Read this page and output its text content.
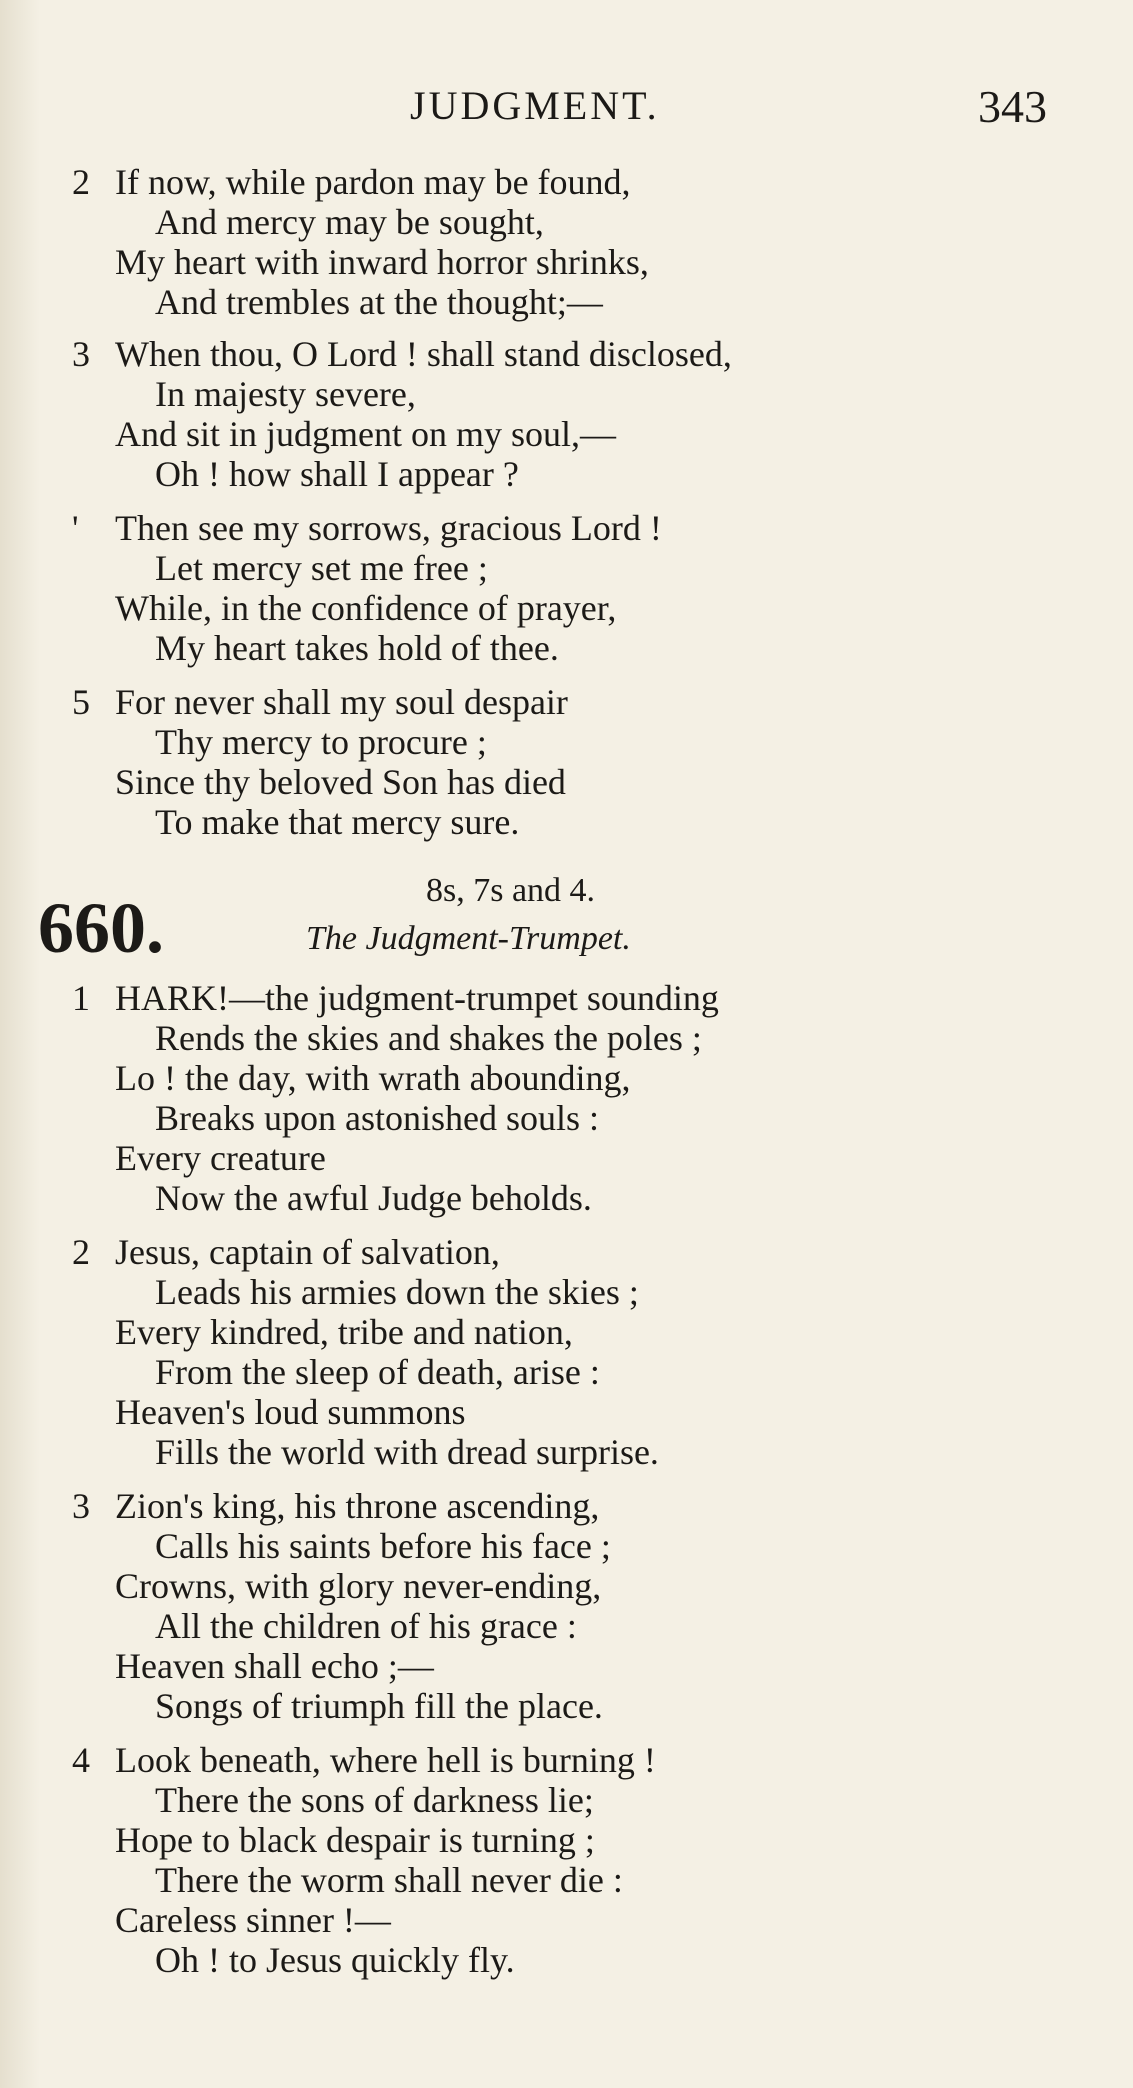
JUDGMENT.	343
2 If now, while pardon may be found,
And mercy may be sought,
My heart with inward horror shrinks,
And trembles at the thought;—
3 When thou, O Lord ! shall stand disclosed,
In majesty severe,
And sit in judgment on my soul,—
Oh ! how shall I appear ?
' Then see my sorrows, gracious Lord !
Let mercy set me free ;
While, in the confidence of prayer,
My heart takes hold of thee.
5 For never shall my soul despair
Thy mercy to procure ;
Since thy beloved Son has died
To make that mercy sure.
660.	8s, 7s and 4.
The Judgment-Trumpet.
1 HARK!—the judgment-trumpet sounding
Rends the skies and shakes the poles ;
Lo ! the day, with wrath abounding,
Breaks upon astonished souls :
Every creature
Now the awful Judge beholds.
2 Jesus, captain of salvation,
Leads his armies down the skies ;
Every kindred, tribe and nation,
From the sleep of death, arise :
Heaven's loud summons
Fills the world with dread surprise.
3 Zion's king, his throne ascending,
Calls his saints before his face ;
Crowns, with glory never-ending,
All the children of his grace :
Heaven shall echo ;—
Songs of triumph fill the place.
4 Look beneath, where hell is burning !
There the sons of darkness lie;
Hope to black despair is turning ;
There the worm shall never die :
Careless sinner !—
Oh ! to Jesus quickly fly.
